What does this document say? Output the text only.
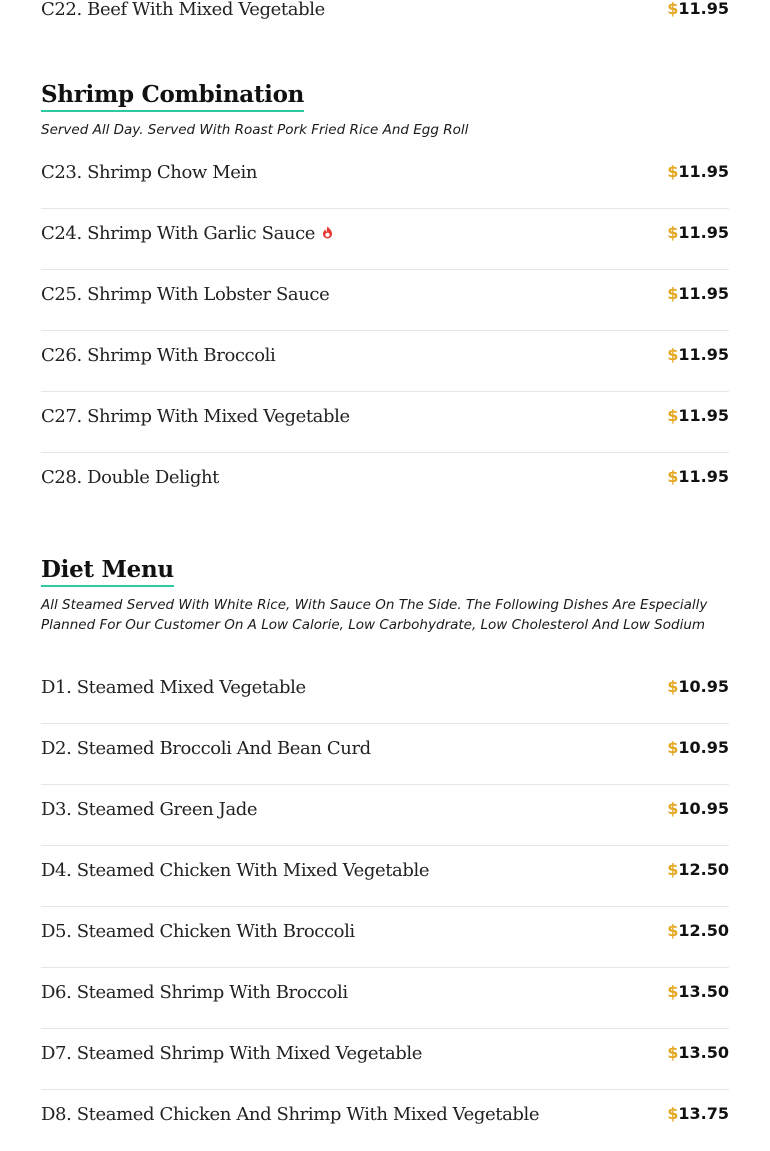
C22. Beef With Mixed Vegetable	$11.95
Shrimp Combination
Served All Day. Served With Roast Pork Fried Rice And Egg Roll
C23. Shrimp Chow Mein	$11.95
C24. Shrimp With Garlic Sauce	$11.95
C25. Shrimp With Lobster Sauce	$11.95
C26. Shrimp With Broccoli	$11.95
C27. Shrimp With Mixed Vegetable	$11.95
C28. Double Delight	$11.95
Diet Menu
All Steamed Served With White Rice, With Sauce On The Side. The Following Dishes Are Especially Planned For Our Customer On A Low Calorie, Low Carbohydrate, Low Cholesterol And Low Sodium
D1. Steamed Mixed Vegetable	$10.95
D2. Steamed Broccoli And Bean Curd	$10.95
D3. Steamed Green Jade	$10.95
D4. Steamed Chicken With Mixed Vegetable	$12.50
D5. Steamed Chicken With Broccoli	$12.50
D6. Steamed Shrimp With Broccoli	$13.50
D7. Steamed Shrimp With Mixed Vegetable	$13.50
D8. Steamed Chicken And Shrimp With Mixed Vegetable	$13.75
